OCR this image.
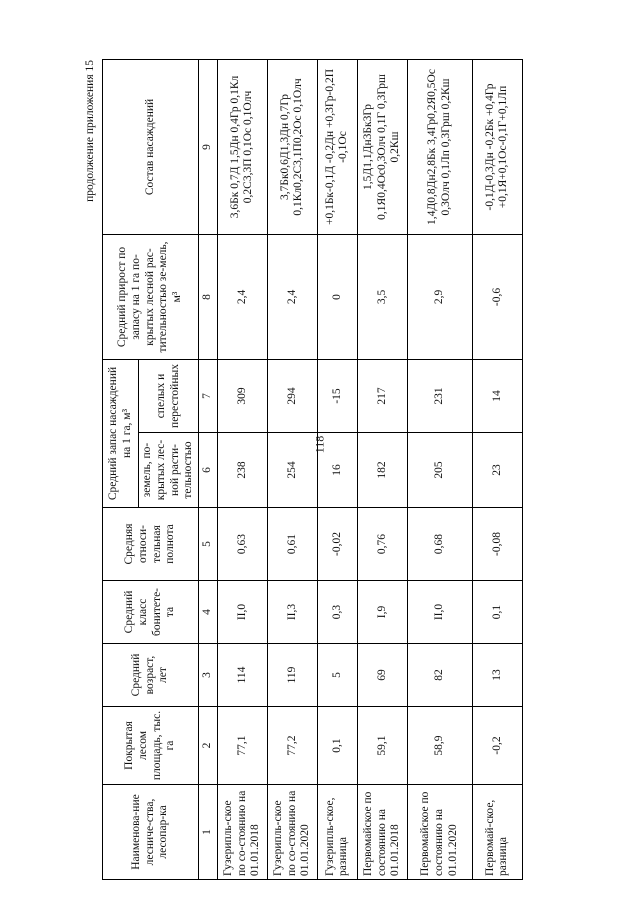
продолжение приложения 15
Наименова-ние лесниче-ства, лесопар-ка	Покрытая лесом площадь, тыс. га	Средний возраст, лет	Средний класс бонитете-та	Средняя относи-тельная полнота	Средний запас насаждений на 1 га, м³		Средний прирост по запасу на 1 га по-крытых лесной рас-тительностью зе-мель, м³	Состав насаждений
					земель, по-крытых лес-ной расти-тельностью	спелых и перестойных		
1	2	3	4	5	6	7	8	9
Гузерипль-ское по со-стоянию на 01.01.2018	77,1	114	II,0	0,63	238	309	2,4	3,6Бк 0,7Д 1,5Дн 0,4Гр 0,1Кл 0,2С3,3П 0,1Ос 0,1Олч
Гузерипль-ское по со-стоянию на 01.01.2020	77,2	119	II,3	0,61	254	294	2,4	3,7Бк0,6Д1,3Дн 0,7Гр 0,1Кл0,2С3,1П0,2Ос 0,1Олч
Гузерипль-ское, разница	0,1	5	0,3	-0,02	16	-15	0	+0,1Бк-0,1Д -0,2Дн +0,3Гр-0,2П -0,1Ос
Первомайское по состоянию на 01.01.2018	59,1	69	I,9	0,76	182	217	3,5	1,5Д1,1Дн3Бк3Гр 0,1Я0,4Ос0,3Олч 0,1Г 0,3Грш 0,2Кш
Первомайское по состоянию на 01.01.2020	58,9	82	II,0	0,68	205	231	2,9	1,4Д0,8Дн2,8Бк 3,4Гр0,2Я0,5Ос 0,3Олч 0,1Лп 0,3Грш 0,2Кш
Первомай-ское, разница	-0,2	13	0,1	-0,08	23	14	-0,6	-0,1Д-0,3Дн -0,2Бк +0,4Гр +0,1Я+0,1Ос-0,1Г+0,1Лп
118
